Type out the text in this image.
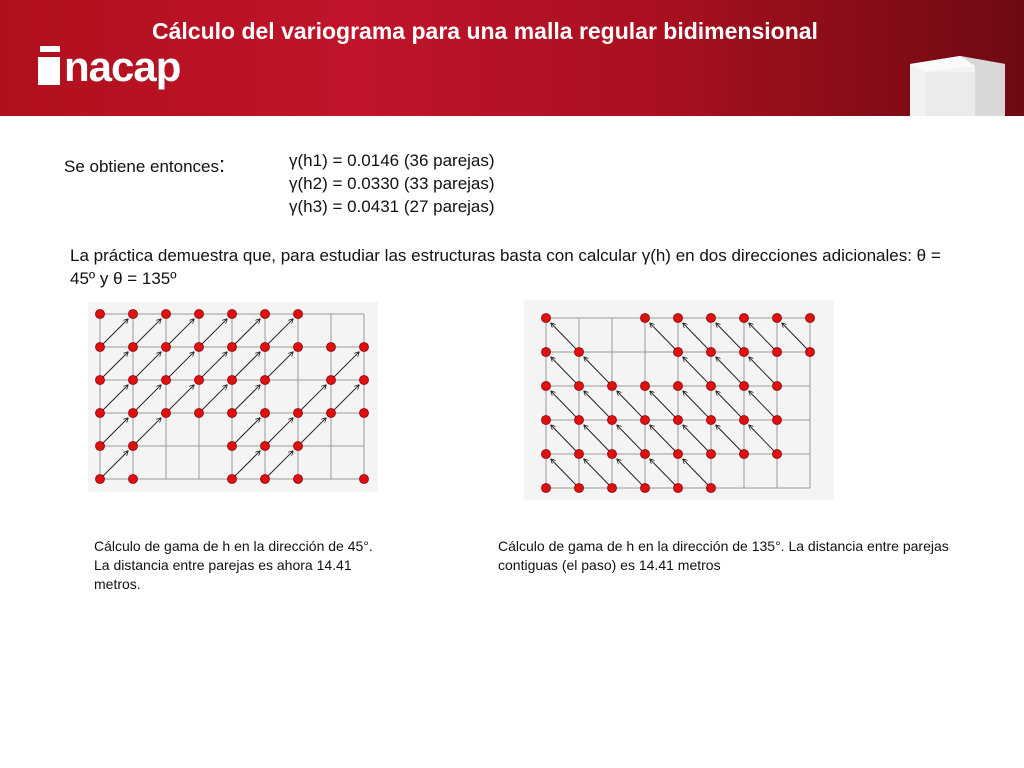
Cálculo del variograma para una malla regular bidimensional
nacap
Se obtiene entonces:	γ(h1) = 0.0146 (36 parejas)
γ(h2) = 0.0330 (33 parejas)
γ(h3) = 0.0431 (27 parejas)
La práctica demuestra que, para estudiar las estructuras basta con calcular γ(h) en dos direcciones adicionales: θ = 45º y θ = 135º
Cálculo de gama de h en la dirección de 45°. La distancia entre parejas es ahora 14.41 metros.
Cálculo de gama de h en la dirección de 135°. La distancia entre parejas contiguas (el paso) es 14.41 metros
